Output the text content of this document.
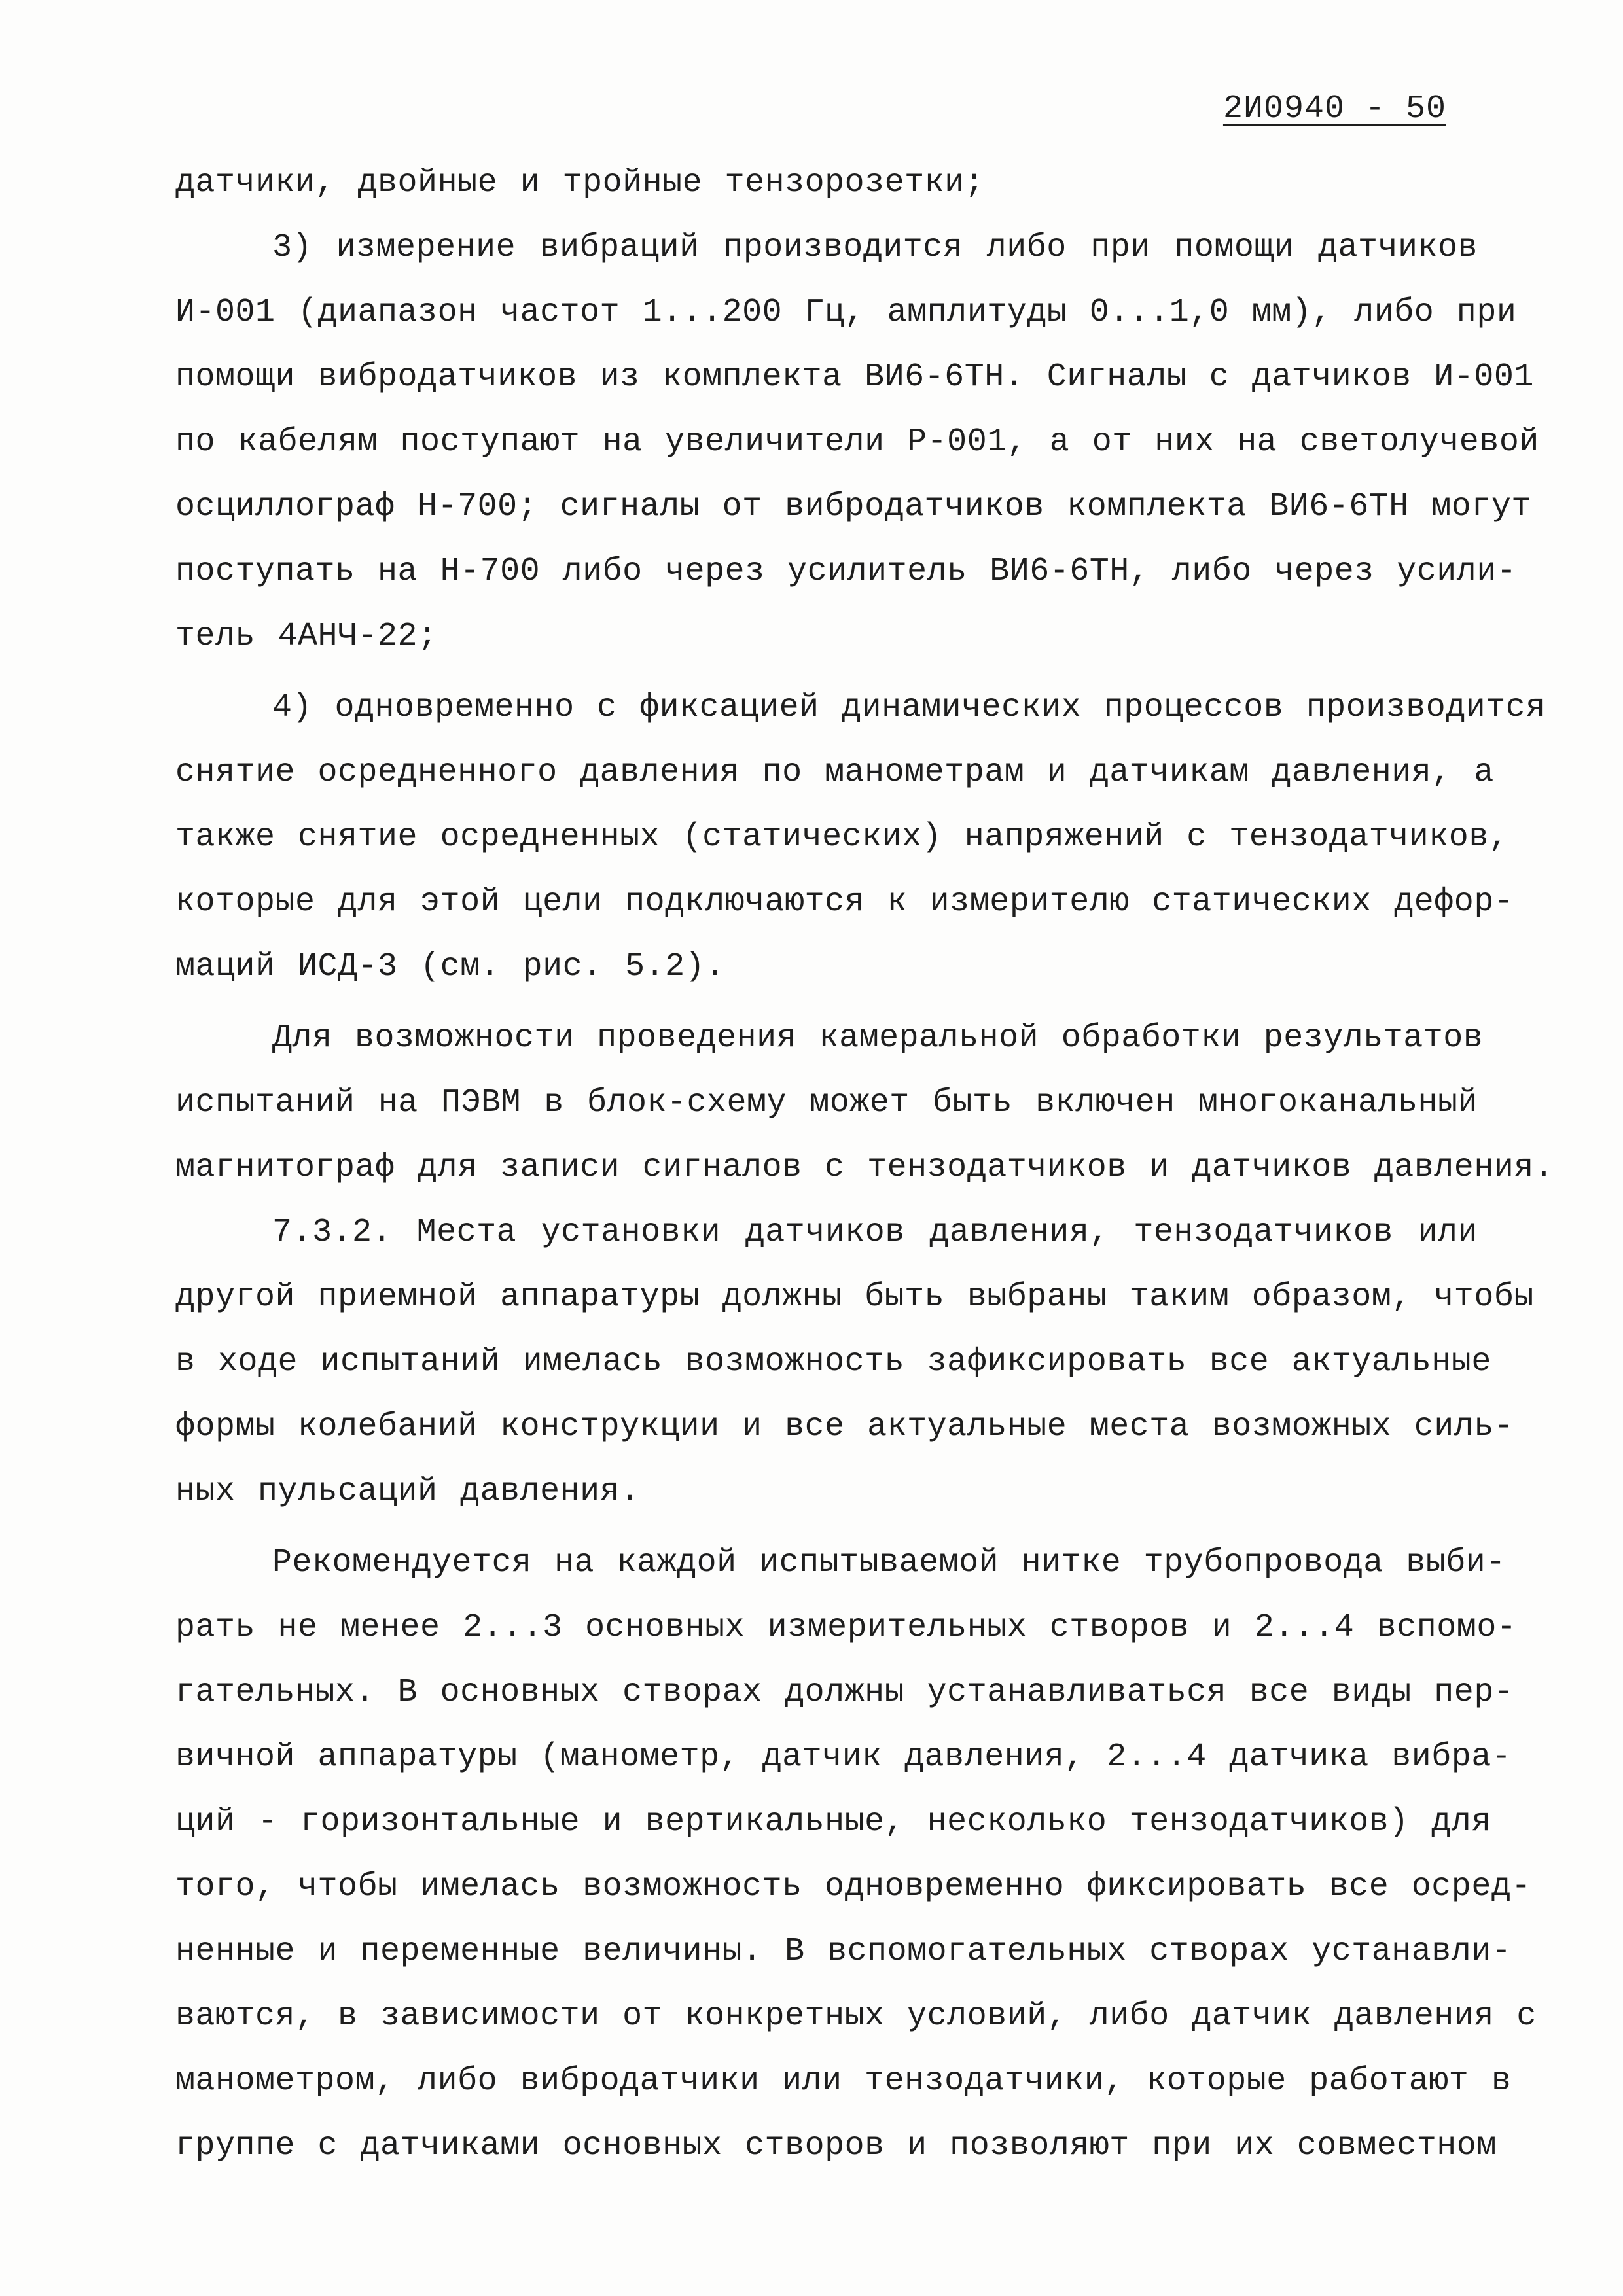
2И0940 - 50
датчики, двойные и тройные тензорозетки;
3) измерение вибраций производится либо при помощи датчиков
И-001 (диапазон частот 1...200 Гц, амплитуды 0...1,0 мм), либо при
помощи вибродатчиков из комплекта ВИ6-6ТН. Сигналы с датчиков И-001
по кабелям поступают на увеличители Р-001, а от них на светолучевой
осциллограф Н-700; сигналы от вибродатчиков комплекта ВИ6-6ТН могут
поступать на Н-700 либо через усилитель ВИ6-6ТН, либо через усили-
тель 4АНЧ-22;
4) одновременно с фиксацией динамических процессов производится
снятие осредненного давления по манометрам и датчикам давления, а
также снятие осредненных (статических) напряжений с тензодатчиков,
которые для этой цели подключаются к измерителю статических дефор-
маций ИСД-3 (см. рис. 5.2).
Для возможности проведения камеральной обработки результатов
испытаний на ПЭВМ в блок-схему может быть включен многоканальный
магнитограф для записи сигналов с тензодатчиков и датчиков давления.
7.3.2. Места установки датчиков давления, тензодатчиков или
другой приемной аппаратуры должны быть выбраны таким образом, чтобы
в ходе испытаний имелась возможность зафиксировать все актуальные
формы колебаний конструкции и все актуальные места возможных силь-
ных пульсаций давления.
Рекомендуется на каждой испытываемой нитке трубопровода выби-
рать не менее 2...3 основных измерительных створов и 2...4 вспомо-
гательных. В основных створах должны устанавливаться все виды пер-
вичной аппаратуры (манометр, датчик давления, 2...4 датчика вибра-
ций - горизонтальные и вертикальные, несколько тензодатчиков) для
того, чтобы имелась возможность одновременно фиксировать все осред-
ненные и переменные величины. В вспомогательных створах устанавли-
ваются, в зависимости от конкретных условий, либо датчик давления с
манометром, либо вибродатчики или тензодатчики, которые работают в
группе с датчиками основных створов и позволяют при их совместном
